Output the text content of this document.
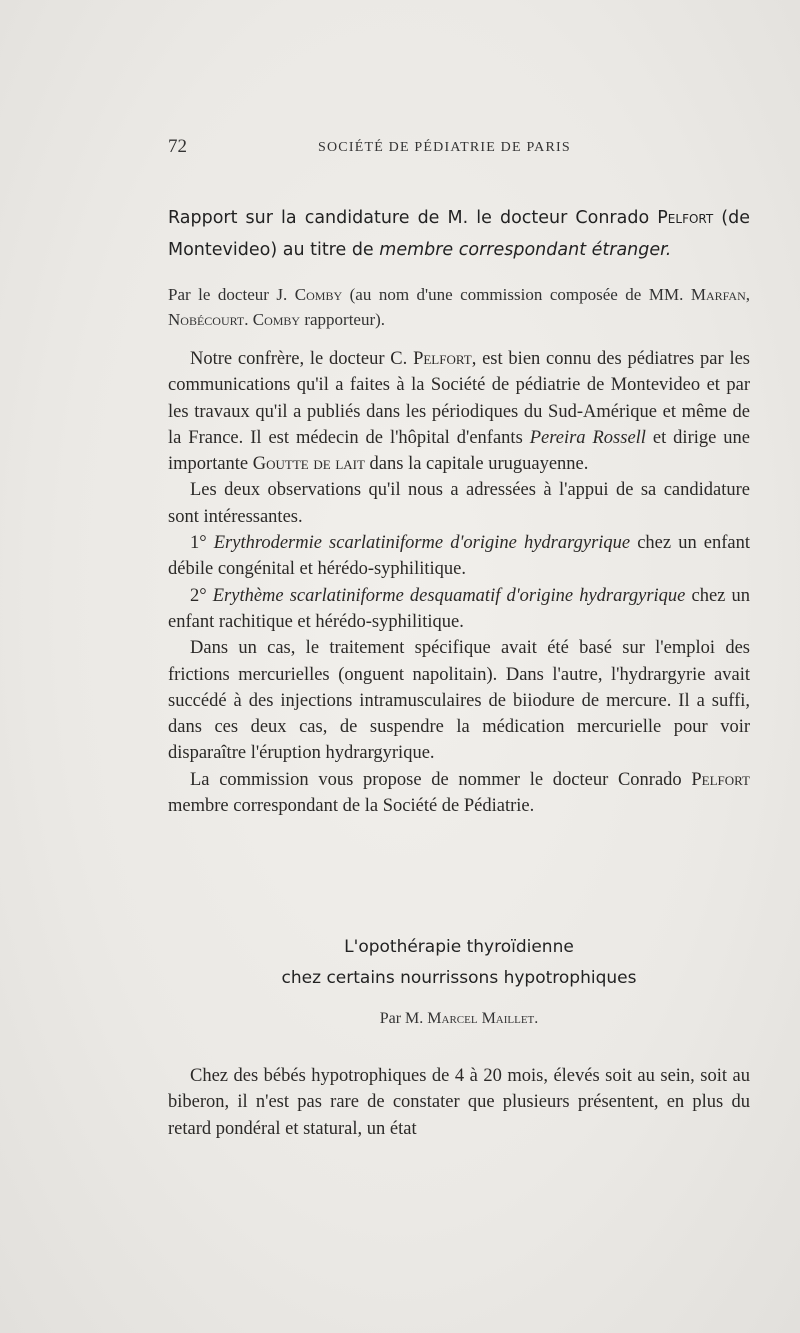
72	SOCIÉTÉ DE PÉDIATRIE DE PARIS
Rapport sur la candidature de M. le docteur Conrado Pelfort (de Montevideo) au titre de membre correspondant étranger.
Par le docteur J. Comby (au nom d'une commission composée de MM. Marfan, Nobécourt. Comby rapporteur).

Notre confrère, le docteur C. Pelfort, est bien connu des pédiatres par les communications qu'il a faites à la Société de pédiatrie de Montevideo et par les travaux qu'il a publiés dans les périodiques du Sud-Amérique et même de la France. Il est médecin de l'hôpital d'enfants Pereira Rossell et dirige une importante Goutte de lait dans la capitale uruguayenne.

Les deux observations qu'il nous a adressées à l'appui de sa candidature sont intéressantes.

1° Erythrodermie scarlatiniforme d'origine hydrargyrique chez un enfant débile congénital et hérédo-syphilitique.

2° Erythème scarlatiniforme desquamatif d'origine hydrargyrique chez un enfant rachitique et hérédo-syphilitique.

Dans un cas, le traitement spécifique avait été basé sur l'emploi des frictions mercurielles (onguent napolitain). Dans l'autre, l'hydrargyrie avait succédé à des injections intramusculaires de biiodure de mercure. Il a suffi, dans ces deux cas, de suspendre la médication mercurielle pour voir disparaître l'éruption hydrargyrique.

La commission vous propose de nommer le docteur Conrado Pelfort membre correspondant de la Société de Pédiatrie.

L'opothérapie thyroïdienne
chez certains nourrissons hypotrophiques
Par M. Marcel Maillet.

Chez des bébés hypotrophiques de 4 à 20 mois, élevés soit au sein, soit au biberon, il n'est pas rare de constater que plusieurs présentent, en plus du retard pondéral et statural, un état
